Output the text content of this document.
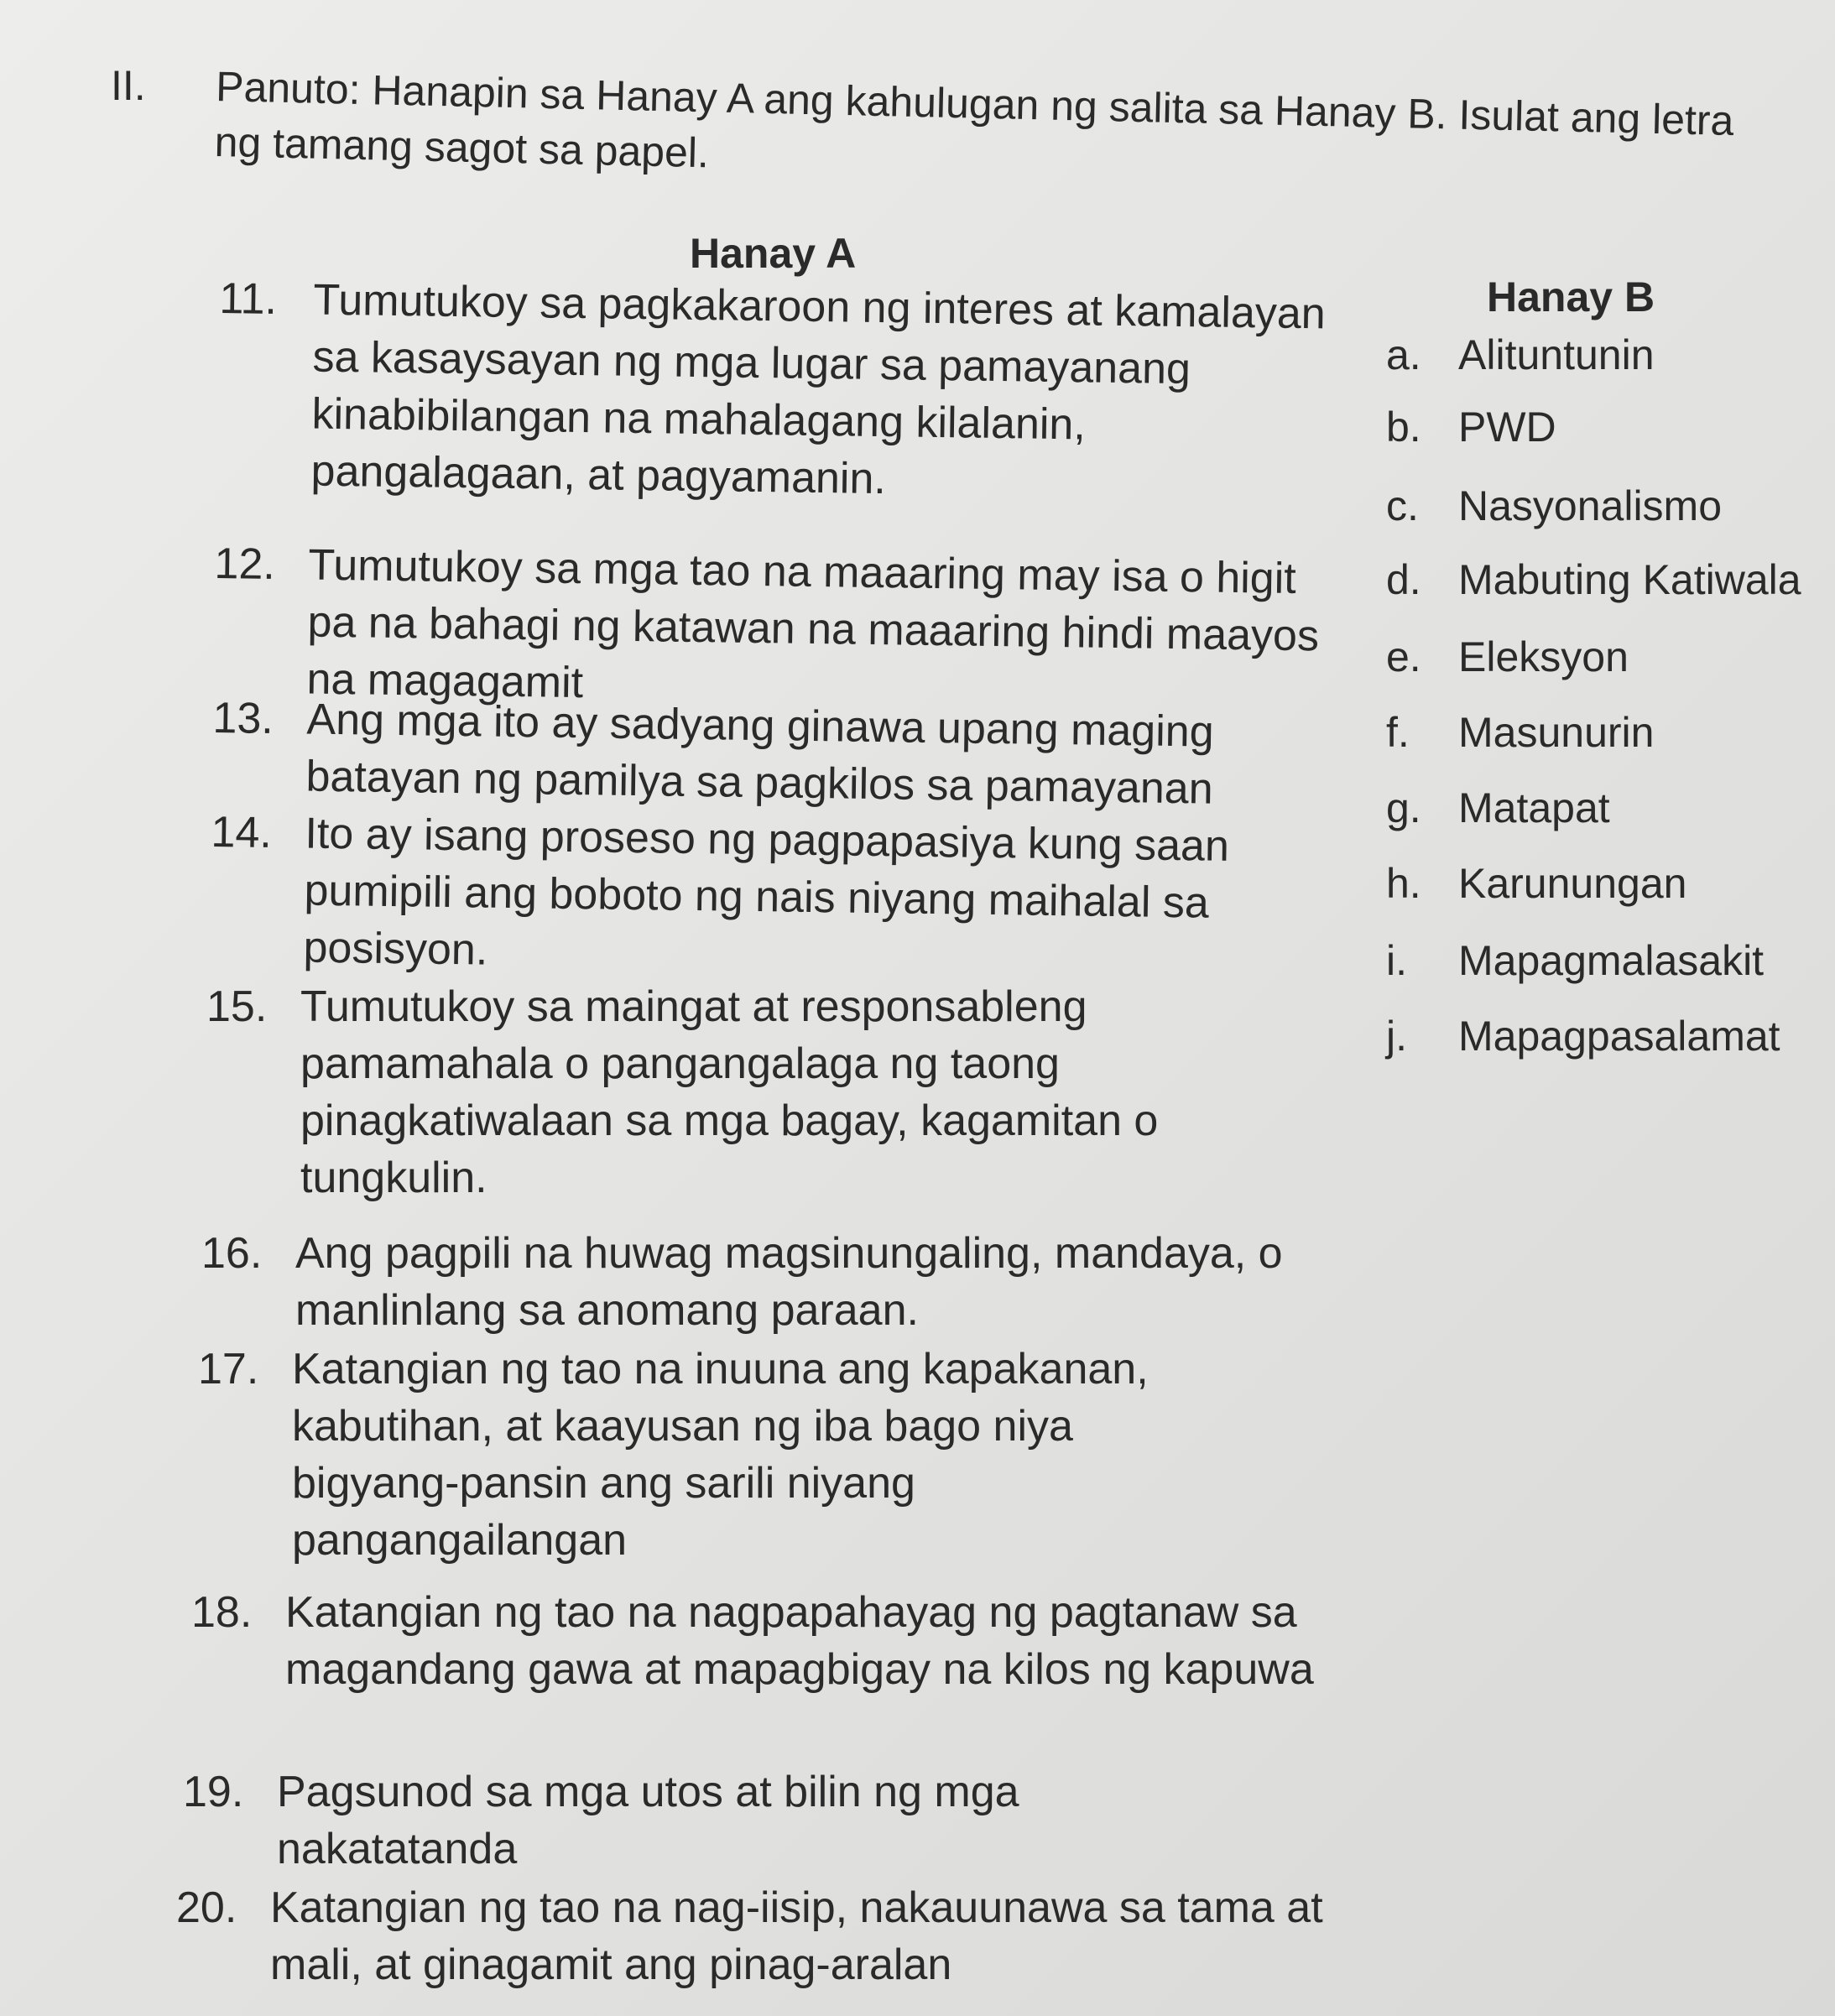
II. Panuto: Hanapin sa Hanay A ang kahulugan ng salita sa Hanay B. Isulat ang letra ng tamang sagot sa papel.
Hanay A
Hanay B
11. Tumutukoy sa pagkakaroon ng interes at kamalayan sa kasaysayan ng mga lugar sa pamayanang kinabibilangan na mahalagang kilalanin, pangalagaan, at pagyamanin.
12. Tumutukoy sa mga tao na maaaring may isa o higit pa na bahagi ng katawan na maaaring hindi maayos na magagamit
13. Ang mga ito ay sadyang ginawa upang maging batayan ng pamilya sa pagkilos sa pamayanan
14. Ito ay isang proseso ng pagpapasiya kung saan pumipili ang boboto ng nais niyang maihalal sa posisyon.
15. Tumutukoy sa maingat at responsableng pamamahala o pangangalaga ng taong pinagkatiwalaan sa mga bagay, kagamitan o tungkulin.
16. Ang pagpili na huwag magsinungaling, mandaya, o manlinlang sa anomang paraan.
17. Katangian ng tao na inuuna ang kapakanan, kabutihan, at kaayusan ng iba bago niya bigyang-pansin ang sarili niyang pangangailangan
18. Katangian ng tao na nagpapahayag ng pagtanaw sa magandang gawa at mapagbigay na kilos ng kapuwa
19. Pagsunod sa mga utos at bilin ng mga nakatatanda
20. Katangian ng tao na nag-iisip, nakauunawa sa tama at mali, at ginagamit ang pinag-aralan
a. Alituntunin
b. PWD
c. Nasyonalismo
d. Mabuting Katiwala
e. Eleksyon
f. Masunurin
g. Matapat
h. Karunungan
i. Mapagmalasakit
j. Mapagpasalamat
